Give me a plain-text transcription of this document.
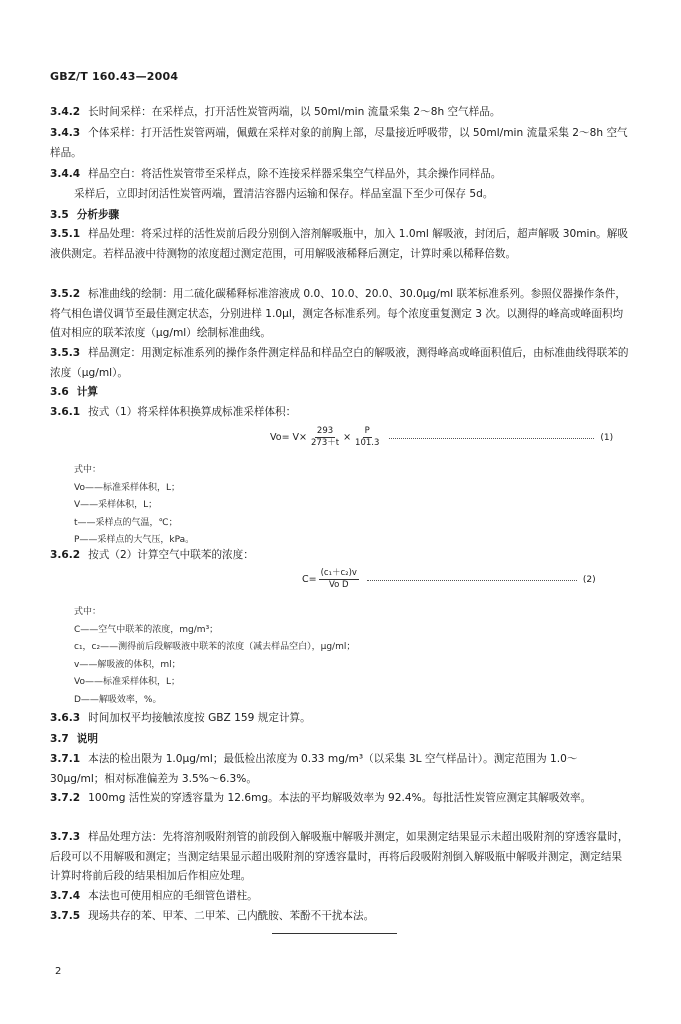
GBZ/T 160.43—2004
3.4.2 长时间采样：在采样点，打开活性炭管两端，以 50ml/min 流量采集 2～8h 空气样品。
3.4.3 个体采样：打开活性炭管两端，佩戴在采样对象的前胸上部，尽量接近呼吸带，以 50ml/min 流量采集 2～8h 空气样品。
3.4.4 样品空白：将活性炭管带至采样点，除不连接采样器采集空气样品外，其余操作同样品。
采样后，立即封闭活性炭管两端，置清洁容器内运输和保存。样品室温下至少可保存 5d。
3.5 分析步骤
3.5.1 样品处理：将采过样的活性炭前后段分别倒入溶剂解吸瓶中，加入 1.0ml 解吸液，封闭后，超声解吸 30min。解吸液供测定。若样品液中待测物的浓度超过测定范围，可用解吸液稀释后测定，计算时乘以稀释倍数。
3.5.2 标准曲线的绘制：用二硫化碳稀释标准溶液成 0.0、10.0、20.0、30.0μg/ml 联苯标准系列。参照仪器操作条件，将气相色谱仪调节至最佳测定状态，分别进样 1.0μl，测定各标准系列。每个浓度重复测定 3 次。以测得的峰高或峰面积均值对相应的联苯浓度（μg/ml）绘制标准曲线。
3.5.3 样品测定：用测定标准系列的操作条件测定样品和样品空白的解吸液，测得峰高或峰面积值后，由标准曲线得联苯的浓度（μg/ml）。
3.6 计算
3.6.1 按式（1）将采样体积换算成标准采样体积：
$Vo= V\times \frac{293}{273+t} \times \frac{P}{101.3}$	(1)
式中：
Vo——标准采样体积，L；
V——采样体积，L；
t——采样点的气温，℃；
P——采样点的大气压，kPa。
3.6.2 按式（2）计算空气中联苯的浓度：
$C= \frac{\text{(c₁＋c₂)v}}{\text{Vo D}}$	(2)
式中：
C——空气中联苯的浓度，mg/m³；
c₁，c₂——测得前后段解吸液中联苯的浓度（减去样品空白），μg/ml；
v——解吸液的体积，ml；
Vo——标准采样体积，L；
D——解吸效率，%。
3.6.3 时间加权平均接触浓度按 GBZ 159 规定计算。
3.7 说明
3.7.1 本法的检出限为 1.0μg/ml；最低检出浓度为 0.33 mg/m³（以采集 3L 空气样品计）。测定范围为 1.0～30μg/ml；相对标准偏差为 3.5%～6.3%。
3.7.2 100mg 活性炭的穿透容量为 12.6mg。本法的平均解吸效率为 92.4%。每批活性炭管应测定其解吸效率。
3.7.3 样品处理方法：先将溶剂吸附剂管的前段倒入解吸瓶中解吸并测定，如果测定结果显示未超出吸附剂的穿透容量时，后段可以不用解吸和测定；当测定结果显示超出吸附剂的穿透容量时，再将后段吸附剂倒入解吸瓶中解吸并测定，测定结果计算时将前后段的结果相加后作相应处理。
3.7.4 本法也可使用相应的毛细管色谱柱。
3.7.5 现场共存的苯、甲苯、二甲苯、己内酰胺、苯酚不干扰本法。
2
